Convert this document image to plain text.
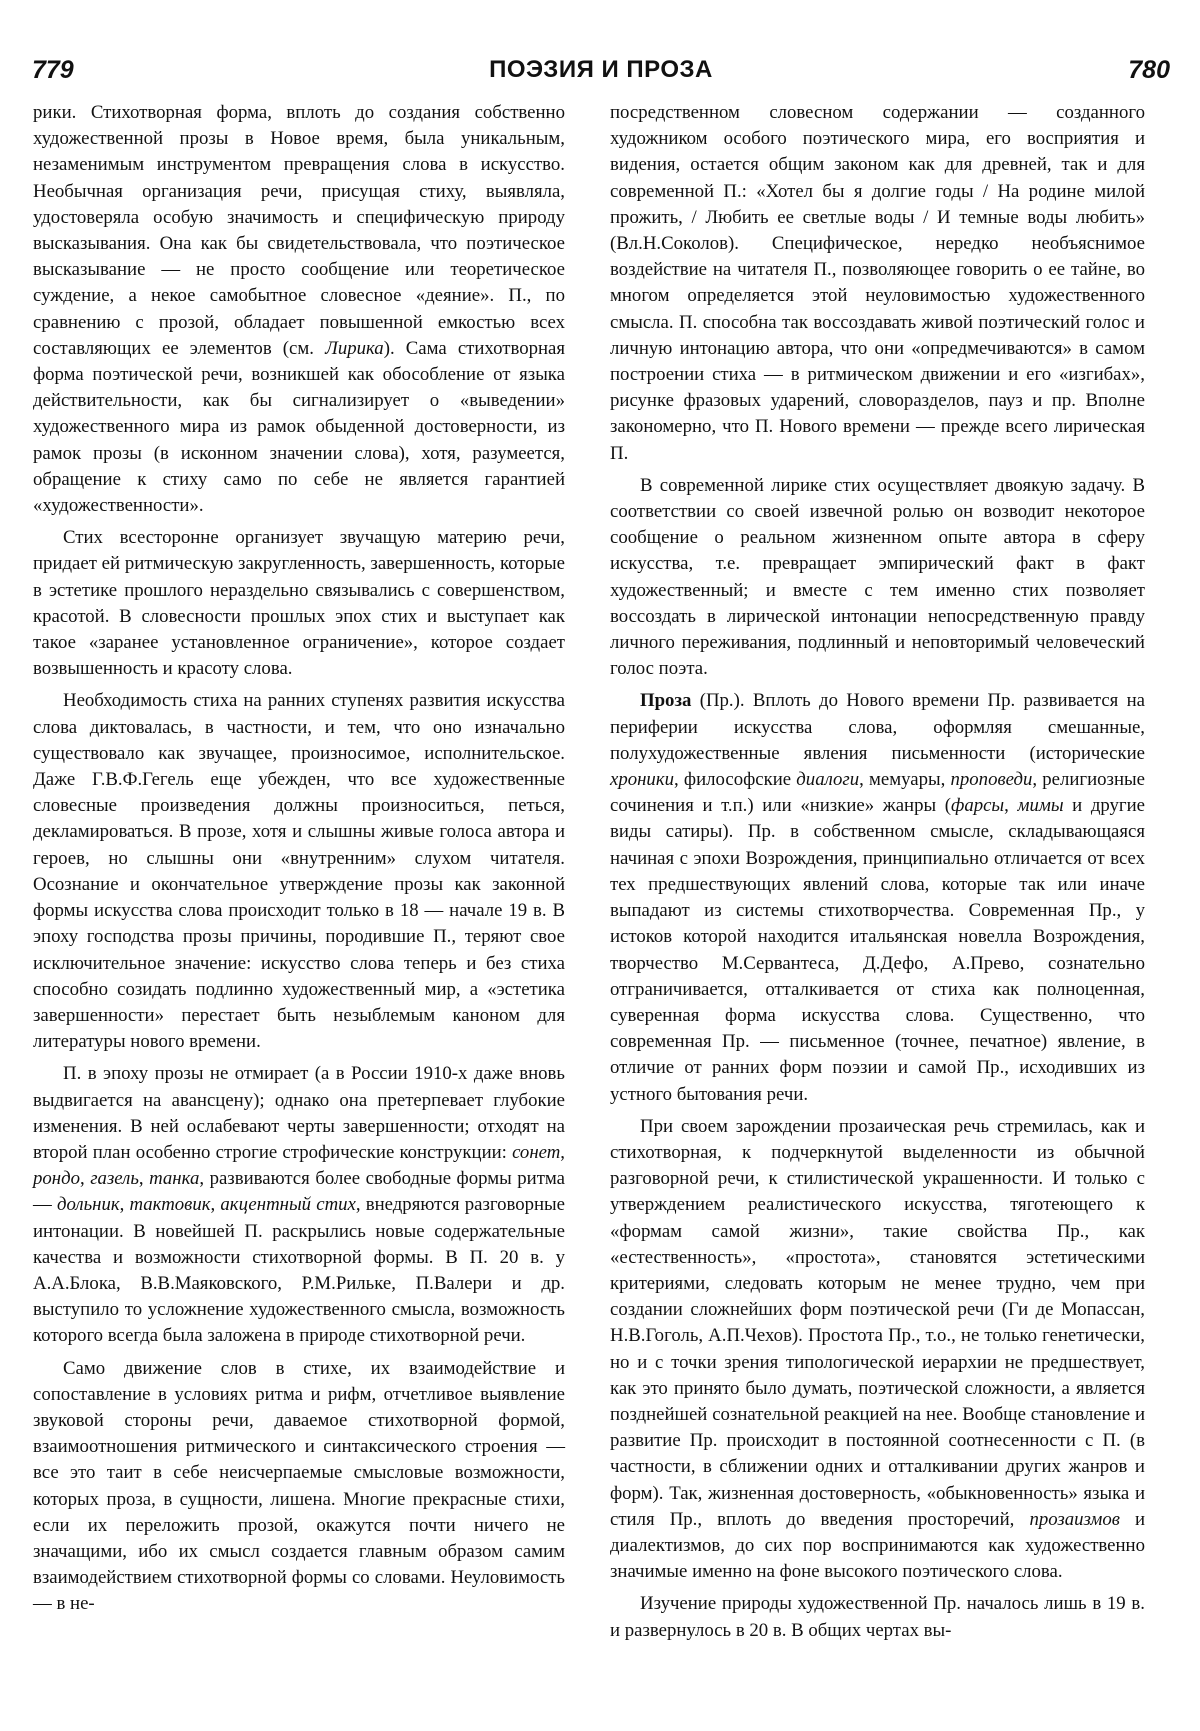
779	ПОЭЗИЯ И ПРОЗА	780

рики. Стихотворная форма, вплоть до создания собственно художественной прозы в Новое время, была уникальным, незаменимым инструментом превращения слова в искусство. Необычная организация речи, присущая стиху, выявляла, удостоверяла особую значимость и специфическую природу высказывания. Она как бы свидетельствовала, что поэтическое высказывание — не просто сообщение или теоретическое суждение, а некое самобытное словесное «деяние». П., по сравнению с прозой, обладает повышенной емкостью всех составляющих ее элементов (см. Лирика). Сама стихотворная форма поэтической речи, возникшей как обособление от языка действительности, как бы сигнализирует о «выведении» художественного мира из рамок обыденной достоверности, из рамок прозы (в исконном значении слова), хотя, разумеется, обращение к стиху само по себе не является гарантией «художественности».

Стих всесторонне организует звучащую материю речи, придает ей ритмическую закругленность, завершенность, которые в эстетике прошлого нераздельно связывались с совершенством, красотой. В словесности прошлых эпох стих и выступает как такое «заранее установленное ограничение», которое создает возвышенность и красоту слова.

Необходимость стиха на ранних ступенях развития искусства слова диктовалась, в частности, и тем, что оно изначально существовало как звучащее, произносимое, исполнительское. Даже Г.В.Ф.Гегель еще убежден, что все художественные словесные произведения должны произноситься, петься, декламироваться. В прозе, хотя и слышны живые голоса автора и героев, но слышны они «внутренним» слухом читателя. Осознание и окончательное утверждение прозы как законной формы искусства слова происходит только в 18 — начале 19 в. В эпоху господства прозы причины, породившие П., теряют свое исключительное значение: искусство слова теперь и без стиха способно созидать подлинно художественный мир, а «эстетика завершенности» перестает быть незыблемым каноном для литературы нового времени.

П. в эпоху прозы не отмирает (а в России 1910-х даже вновь выдвигается на авансцену); однако она претерпевает глубокие изменения. В ней ослабевают черты завершенности; отходят на второй план особенно строгие строфические конструкции: сонет, рондо, газель, танка, развиваются более свободные формы ритма — дольник, тактовик, акцентный стих, внедряются разговорные интонации. В новейшей П. раскрылись новые содержательные качества и возможности стихотворной формы. В П. 20 в. у А.А.Блока, В.В.Маяковского, Р.М.Рильке, П.Валери и др. выступило то усложнение художественного смысла, возможность которого всегда была заложена в природе стихотворной речи.

Само движение слов в стихе, их взаимодействие и сопоставление в условиях ритма и рифм, отчетливое выявление звуковой стороны речи, даваемое стихотворной формой, взаимоотношения ритмического и синтаксического строения — все это таит в себе неисчерпаемые смысловые возможности, которых проза, в сущности, лишена. Многие прекрасные стихи, если их переложить прозой, окажутся почти ничего не значащими, ибо их смысл создается главным образом самим взаимодействием стихотворной формы со словами. Неуловимость — в не-

посредственном словесном содержании — созданного художником особого поэтического мира, его восприятия и видения, остается общим законом как для древней, так и для современной П.: «Хотел бы я долгие годы / На родине милой прожить, / Любить ее светлые воды / И темные воды любить» (Вл.Н.Соколов). Специфическое, нередко необъяснимое воздействие на читателя П., позволяющее говорить о ее тайне, во многом определяется этой неуловимостью художественного смысла. П. способна так воссоздавать живой поэтический голос и личную интонацию автора, что они «опредмечиваются» в самом построении стиха — в ритмическом движении и его «изгибах», рисунке фразовых ударений, словоразделов, пауз и пр. Вполне закономерно, что П. Нового времени — прежде всего лирическая П.

В современной лирике стих осуществляет двоякую задачу. В соответствии со своей извечной ролью он возводит некоторое сообщение о реальном жизненном опыте автора в сферу искусства, т.е. превращает эмпирический факт в факт художественный; и вместе с тем именно стих позволяет воссоздать в лирической интонации непосредственную правду личного переживания, подлинный и неповторимый человеческий голос поэта.

Проза (Пр.). Вплоть до Нового времени Пр. развивается на периферии искусства слова, оформляя смешанные, полухудожественные явления письменности (исторические хроники, философские диалоги, мемуары, проповеди, религиозные сочинения и т.п.) или «низкие» жанры (фарсы, мимы и другие виды сатиры). Пр. в собственном смысле, складывающаяся начиная с эпохи Возрождения, принципиально отличается от всех тех предшествующих явлений слова, которые так или иначе выпадают из системы стихотворчества. Современная Пр., у истоков которой находится итальянская новелла Возрождения, творчество М.Сервантеса, Д.Дефо, А.Прево, сознательно отграничивается, отталкивается от стиха как полноценная, суверенная форма искусства слова. Существенно, что современная Пр. — письменное (точнее, печатное) явление, в отличие от ранних форм поэзии и самой Пр., исходивших из устного бытования речи.

При своем зарождении прозаическая речь стремилась, как и стихотворная, к подчеркнутой выделенности из обычной разговорной речи, к стилистической украшенности. И только с утверждением реалистического искусства, тяготеющего к «формам самой жизни», такие свойства Пр., как «естественность», «простота», становятся эстетическими критериями, следовать которым не менее трудно, чем при создании сложнейших форм поэтической речи (Ги де Мопассан, Н.В.Гоголь, А.П.Чехов). Простота Пр., т.о., не только генетически, но и с точки зрения типологической иерархии не предшествует, как это принято было думать, поэтической сложности, а является позднейшей сознательной реакцией на нее. Вообще становление и развитие Пр. происходит в постоянной соотнесенности с П. (в частности, в сближении одних и отталкивании других жанров и форм). Так, жизненная достоверность, «обыкновенность» языка и стиля Пр., вплоть до введения просторечий, прозаизмов и диалектизмов, до сих пор воспринимаются как художественно значимые именно на фоне высокого поэтического слова.

Изучение природы художественной Пр. началось лишь в 19 в. и развернулось в 20 в. В общих чертах вы-
